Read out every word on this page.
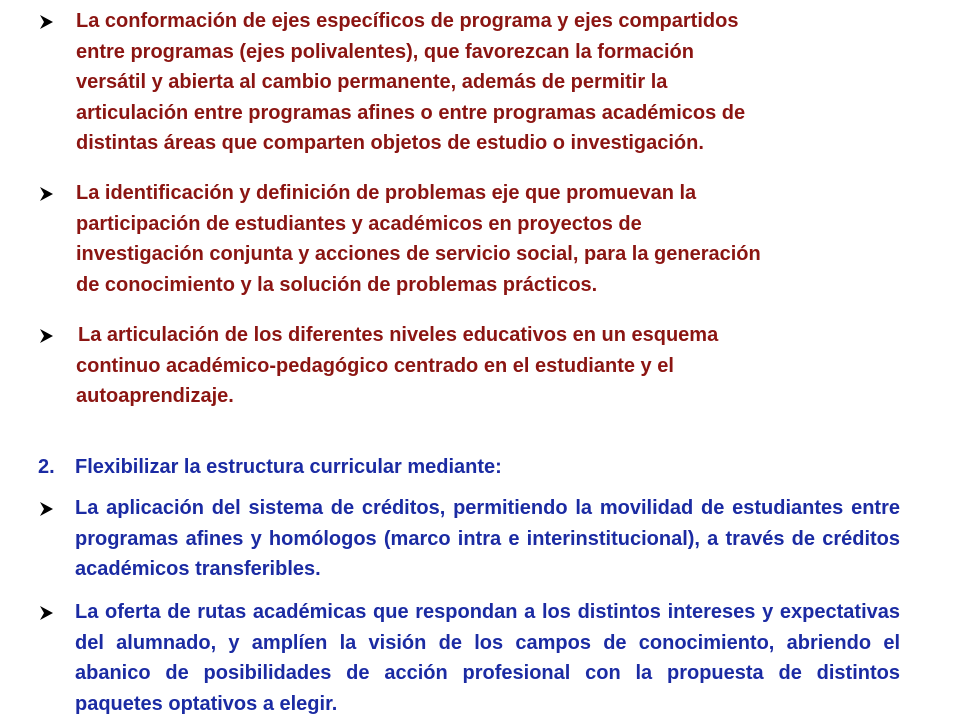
La conformación de ejes específicos de programa y ejes compartidos
entre programas (ejes polivalentes), que favorezcan la formación
versátil y abierta al cambio permanente, además de permitir la
articulación entre programas afines o entre programas académicos de
distintas áreas que comparten objetos de estudio o investigación.
La identificación y definición de problemas eje que promuevan la
participación de estudiantes y académicos en proyectos de
investigación conjunta y acciones de servicio social, para la generación
de conocimiento y la solución de problemas prácticos.
La articulación de los diferentes niveles educativos en un esquema
continuo académico-pedagógico centrado en el estudiante y el
autoaprendizaje.
2. Flexibilizar la estructura curricular mediante:
La aplicación del sistema de créditos, permitiendo la movilidad de estudiantes entre programas afines y homólogos (marco intra e interinstitucional), a través de créditos académicos transferibles.
La oferta de rutas académicas que respondan a los distintos intereses y expectativas del alumnado, y amplíen la visión de los campos de conocimiento, abriendo el abanico de posibilidades de acción profesional con la propuesta de distintos paquetes optativos a elegir.
